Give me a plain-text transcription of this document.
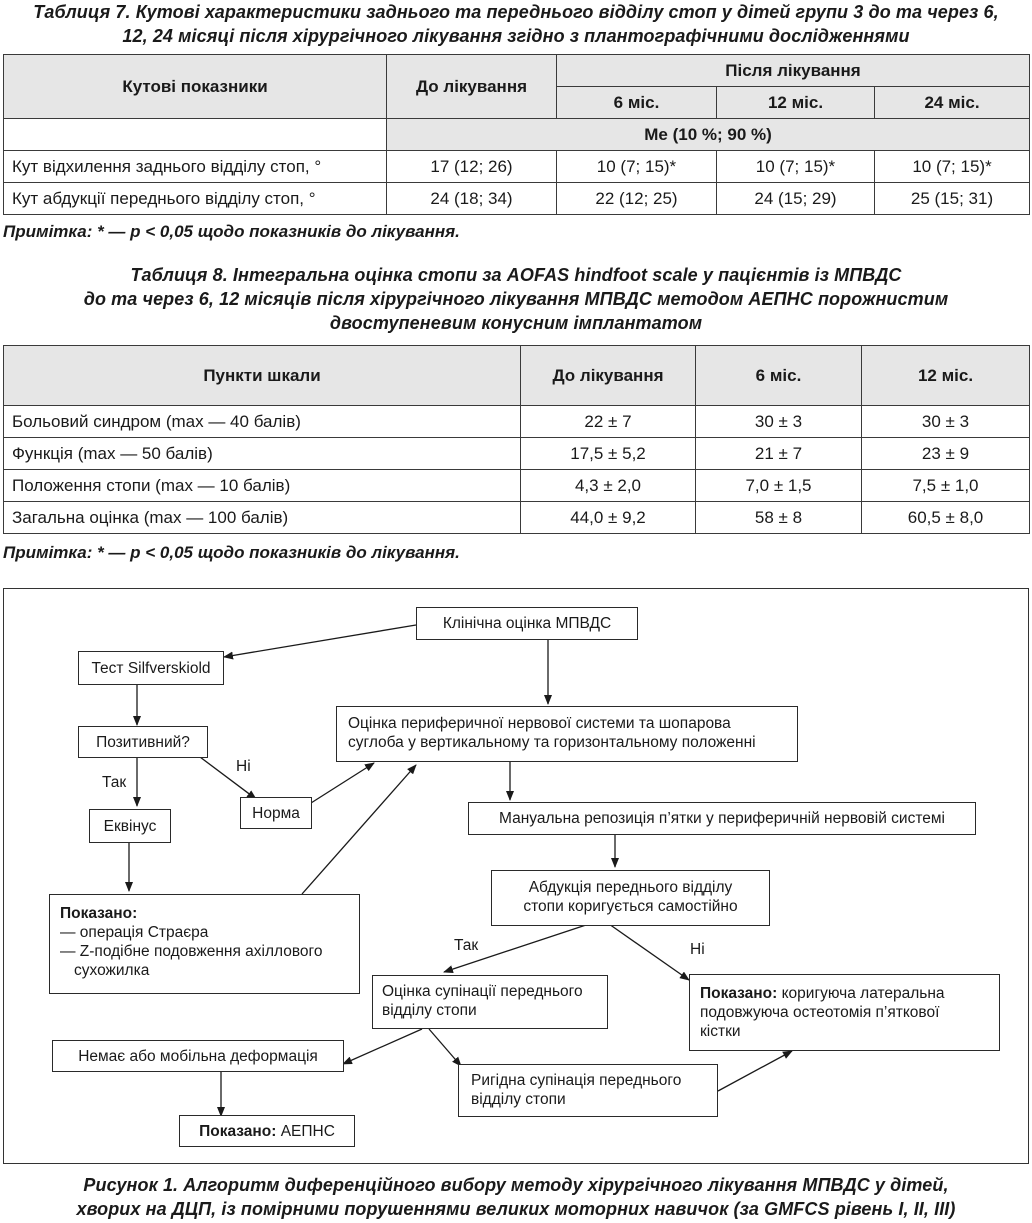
Таблиця 7. Кутові характеристики заднього та переднього відділу стоп у дітей групи 3 до та через 6,
12, 24 місяці після хірургічного лікування згідно з плантографічними дослідженнями
Кутові показники	До лікування	Після лікування		
		6 міс.	12 міс.	24 міс.
	Me (10 %; 90 %)			
Кут відхилення заднього відділу стоп, °	17 (12; 26)	10 (7; 15)*	10 (7; 15)*	10 (7; 15)*
Кут абдукції переднього відділу стоп, °	24 (18; 34)	22 (12; 25)	24 (15; 29)	25 (15; 31)
Примітка: * — p < 0,05 щодо показників до лікування.
Таблиця 8. Інтегральна оцінка стопи за AOFAS hindfoot scale у пацієнтів із МПВДС
до та через 6, 12 місяців після хірургічного лікування МПВДС методом АЕПНС порожнистим
двоступеневим конусним імплантатом
Пункти шкали	До лікування	6 міс.	12 міс.
Больовий синдром (max — 40 балів)	22 ± 7	30 ± 3	30 ± 3
Функція (max — 50 балів)	17,5 ± 5,2	21 ± 7	23 ± 9
Положення стопи (max — 10 балів)	4,3 ± 2,0	7,0 ± 1,5	7,5 ± 1,0
Загальна оцінка (max — 100 балів)	44,0 ± 9,2	58 ± 8	60,5 ± 8,0
Примітка: * — p < 0,05 щодо показників до лікування.
Клінічна оцінка МПВДС
Тест Silfverskiold
Позитивний?
Еквінус
Норма
Оцінка периферичної нервової системи та шопарова
суглоба у вертикальному та горизонтальному положенні
Мануальна репозиція п’ятки у периферичній нервовій системі
Абдукція переднього відділу
стопи коригується самостійно
Показано:
— операція Страєра
— Z-подібне подовження ахіллового
сухожилка
Оцінка супінації переднього
відділу стопи
Показано: коригуюча латеральна
подовжуюча остеотомія п’яткової
кістки
Немає або мобільна деформація
Ригідна супінація переднього
відділу стопи
Показано: АЕПНС
Так
Ні
Так	Ні
Рисунок 1. Алгоритм диференційного вибору методу хірургічного лікування МПВДС у дітей,
хворих на ДЦП, із помірними порушеннями великих моторних навичок (за GMFCS рівень I, II, III)
